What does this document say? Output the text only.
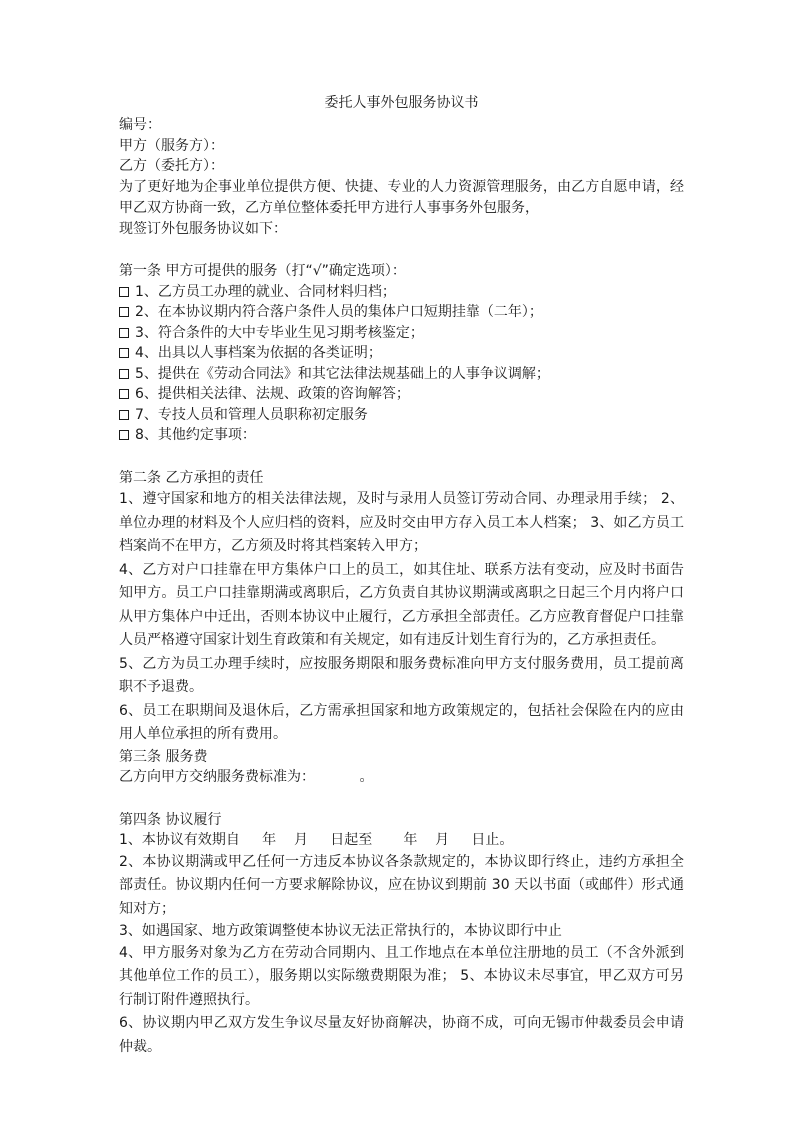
委托人事外包服务协议书
编号：
甲方（服务方）：
乙方（委托方）：
为了更好地为企事业单位提供方便、快捷、专业的人力资源管理服务，由乙方自愿申请，经甲乙双方协商一致，乙方单位整体委托甲方进行人事事务外包服务，
现签订外包服务协议如下：
第一条 甲方可提供的服务（打“√”确定选项）：
1、乙方员工办理的就业、合同材料归档；
2、在本协议期内符合落户条件人员的集体户口短期挂靠（二年）；
3、符合条件的大中专毕业生见习期考核鉴定；
4、出具以人事档案为依据的各类证明；
5、提供在《劳动合同法》和其它法律法规基础上的人事争议调解；
6、提供相关法律、法规、政策的咨询解答；
7、专技人员和管理人员职称初定服务
8、其他约定事项：
第二条 乙方承担的责任
1、遵守国家和地方的相关法律法规，及时与录用人员签订劳动合同、办理录用手续； 2、单位办理的材料及个人应归档的资料，应及时交由甲方存入员工本人档案； 3、如乙方员工档案尚不在甲方，乙方须及时将其档案转入甲方；
4、乙方对户口挂靠在甲方集体户口上的员工，如其住址、联系方法有变动，应及时书面告知甲方。员工户口挂靠期满或离职后，乙方负责自其协议期满或离职之日起三个月内将户口从甲方集体户中迁出，否则本协议中止履行，乙方承担全部责任。乙方应教育督促户口挂靠人员严格遵守国家计划生育政策和有关规定，如有违反计划生育行为的，乙方承担责任。
5、乙方为员工办理手续时，应按服务期限和服务费标准向甲方支付服务费用，员工提前离职不予退费。
6、员工在职期间及退休后，乙方需承担国家和地方政策规定的，包括社会保险在内的应由用人单位承担的所有费用。
第三条 服务费
乙方向甲方交纳服务费标准为：          。
第四条 协议履行
1、本协议有效期自     年    月     日起至       年    月     日止。
2、本协议期满或甲乙任何一方违反本协议各条款规定的，本协议即行终止，违约方承担全部责任。协议期内任何一方要求解除协议，应在协议到期前 30 天以书面（或邮件）形式通知对方；
3、如遇国家、地方政策调整使本协议无法正常执行的，本协议即行中止
4、甲方服务对象为乙方在劳动合同期内、且工作地点在本单位注册地的员工（不含外派到其他单位工作的员工），服务期以实际缴费期限为准； 5、本协议未尽事宜，甲乙双方可另行制订附件遵照执行。
6、协议期内甲乙双方发生争议尽量友好协商解决，协商不成，可向无锡市仲裁委员会申请仲裁。
